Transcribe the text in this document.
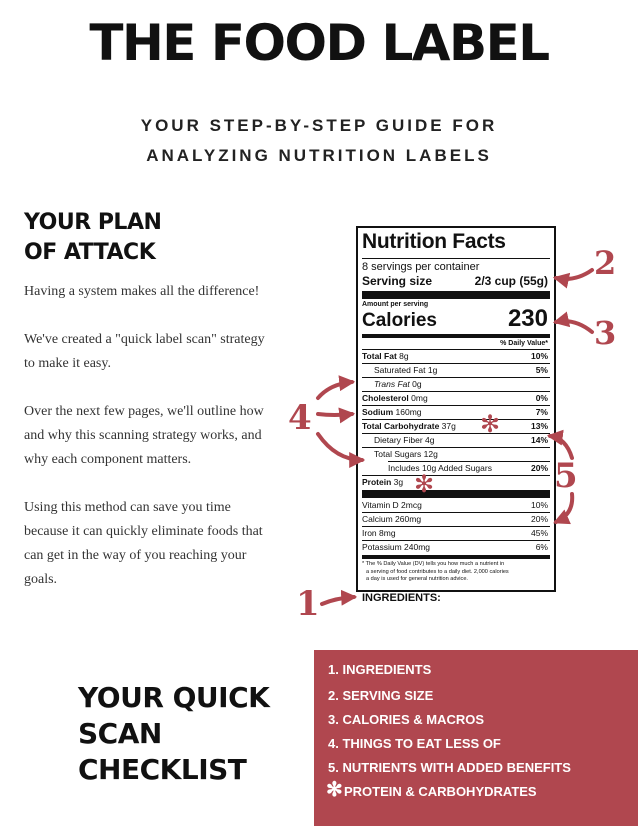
THE FOOD LABEL
YOUR STEP-BY-STEP GUIDE FOR
ANALYZING NUTRITION LABELS
YOUR PLAN
OF ATTACK

Having a system makes all the difference!

We've created a "quick label scan" strategy to make it easy.

Over the next few pages, we'll outline how and why this scanning strategy works, and why each component matters.

Using this method can save you time because it can quickly eliminate foods that can get in the way of you reaching your goals.

YOUR QUICK
SCAN
CHECKLIST
1. INGREDIENTS
2. SERVING SIZE
3. CALORIES & MACROS
4. THINGS TO EAT LESS OF
5. NUTRIENTS WITH ADDED BENEFITS
✻ PROTEIN & CARBOHYDRATES
Nutrition Facts
8 servings per container
Serving size	2/3 cup (55g)
Amount per serving
Calories	230
% Daily Value*
Total Fat 8g	10%
Saturated Fat 1g	5%
Trans Fat 0g
Cholesterol 0mg	0%
Sodium 160mg	7%
Total Carbohydrate 37g	13%
Dietary Fiber 4g	14%
Total Sugars 12g
Includes 10g Added Sugars	20%
Protein 3g
Vitamin D 2mcg	10%
Calcium 260mg	20%
Iron 8mg	45%
Potassium 240mg	6%
* The % Daily Value (DV) tells you how much a nutrient in
a serving of food contributes to a daily diet. 2,000 calories
a day is used for general nutrition advice.
INGREDIENTS:
2
3
4
5
1
✻
✻
